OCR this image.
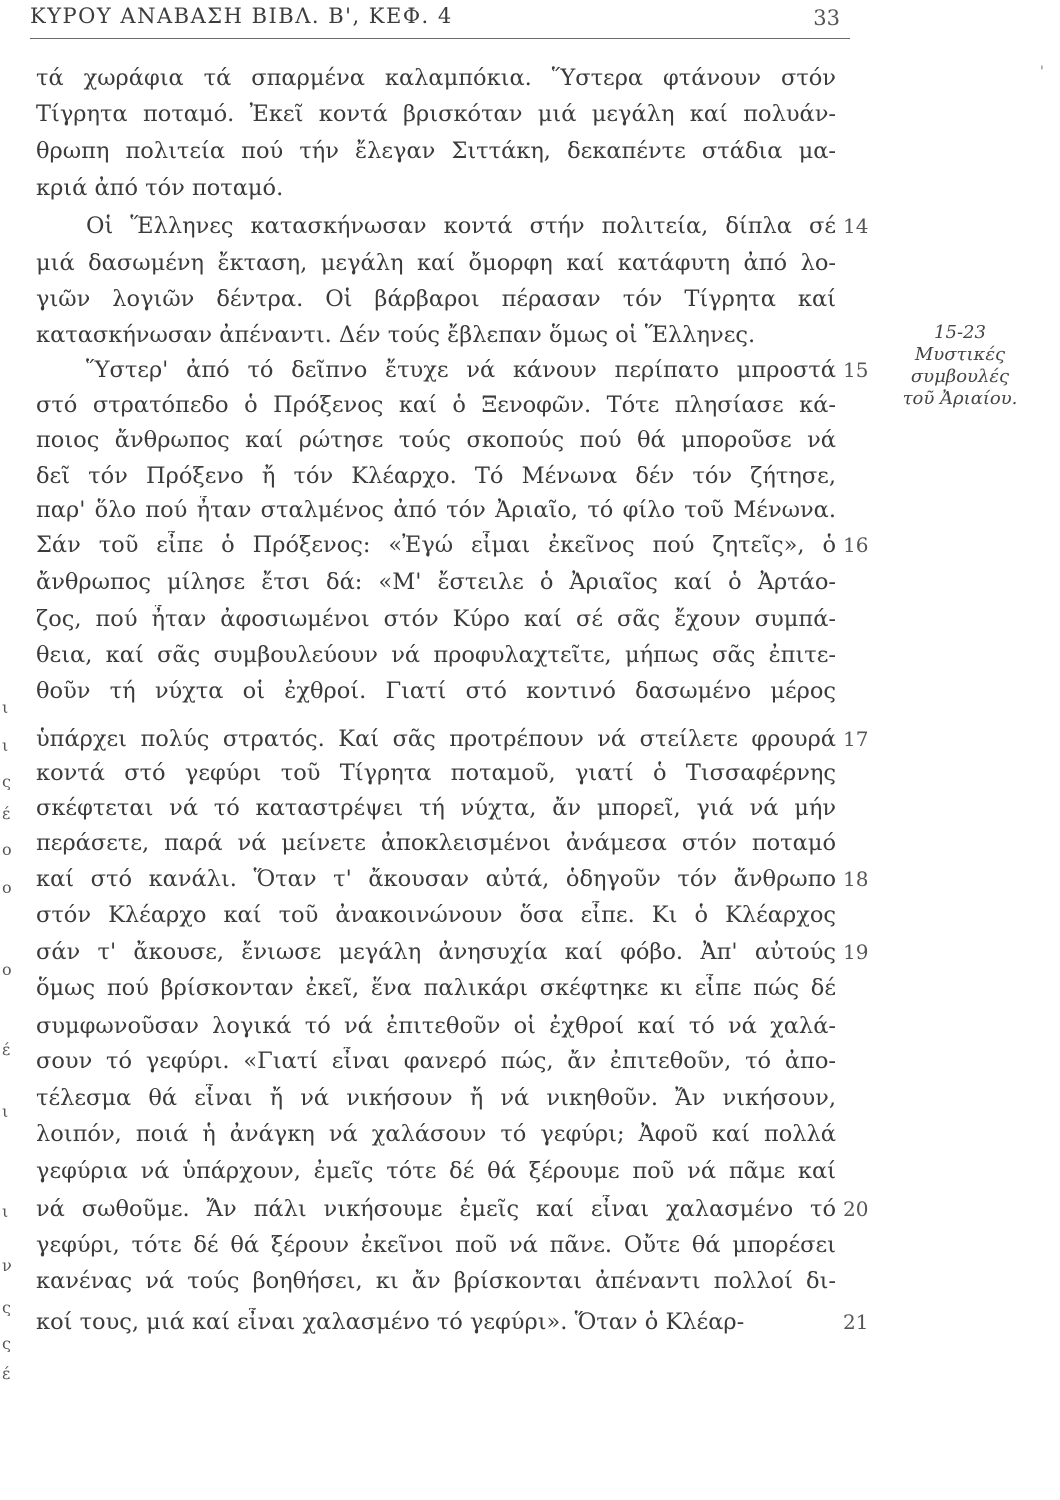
ΚΥΡΟΥ ΑΝΑΒΑΣΗ ΒΙΒΛ. Β', ΚΕΦ. 4	33
'
τά χωράφια τά σπαρμένα καλαμπόκια. Ὕστερα φτάνουν στόν
Τίγρητα ποταμό. Ἐκεῖ κοντά βρισκόταν μιά μεγάλη καί πολυάν-
θρωπη πολιτεία πού τήν ἔλεγαν Σιττάκη, δεκαπέντε στάδια μα-
κριά ἀπό τόν ποταμό.
Οἱ Ἕλληνες κατασκήνωσαν κοντά στήν πολιτεία, δίπλα σέ
μιά δασωμένη ἔκταση, μεγάλη καί ὄμορφη καί κατάφυτη ἀπό λο-
γιῶν λογιῶν δέντρα. Οἱ βάρβαροι πέρασαν τόν Τίγρητα καί
κατασκήνωσαν ἀπέναντι. Δέν τούς ἔβλεπαν ὅμως οἱ Ἕλληνες.
Ὕστερ' ἀπό τό δεῖπνο ἔτυχε νά κάνουν περίπατο μπροστά
στό στρατόπεδο ὁ Πρόξενος καί ὁ Ξενοφῶν. Τότε πλησίασε κά-
ποιος ἄνθρωπος καί ρώτησε τούς σκοπούς πού θά μποροῦσε νά
δεῖ τόν Πρόξενο ἤ τόν Κλέαρχο. Τό Μένωνα δέν τόν ζήτησε,
παρ' ὅλο πού ἦταν σταλμένος ἀπό τόν Ἀριαῖο, τό φίλο τοῦ Μένωνα.
Σάν τοῦ εἶπε ὁ Πρόξενος: «Ἐγώ εἶμαι ἐκεῖνος πού ζητεῖς», ὁ
ἄνθρωπος μίλησε ἔτσι δά: «Μ' ἔστειλε ὁ Ἀριαῖος καί ὁ Ἀρτάο-
ζος, πού ἦταν ἀφοσιωμένοι στόν Κύρο καί σέ σᾶς ἔχουν συμπά-
θεια, καί σᾶς συμβουλεύουν νά προφυλαχτεῖτε, μήπως σᾶς ἐπιτε-
θοῦν τή νύχτα οἱ ἐχθροί. Γιατί στό κοντινό δασωμένο μέρος
ὑπάρχει πολύς στρατός. Καί σᾶς προτρέπουν νά στείλετε φρουρά
κοντά στό γεφύρι τοῦ Τίγρητα ποταμοῦ, γιατί ὁ Τισσαφέρνης
σκέφτεται νά τό καταστρέψει τή νύχτα, ἄν μπορεῖ, γιά νά μήν
περάσετε, παρά νά μείνετε ἀποκλεισμένοι ἀνάμεσα στόν ποταμό
καί στό κανάλι. Ὅταν τ' ἄκουσαν αὐτά, ὁδηγοῦν τόν ἄνθρωπο
στόν Κλέαρχο καί τοῦ ἀνακοινώνουν ὅσα εἶπε. Κι ὁ Κλέαρχος
σάν τ' ἄκουσε, ἔνιωσε μεγάλη ἀνησυχία καί φόβο. Ἀπ' αὐτούς
ὅμως πού βρίσκονταν ἐκεῖ, ἕνα παλικάρι σκέφτηκε κι εἶπε πώς δέ
συμφωνοῦσαν λογικά τό νά ἐπιτεθοῦν οἱ ἐχθροί καί τό νά χαλά-
σουν τό γεφύρι. «Γιατί εἶναι φανερό πώς, ἄν ἐπιτεθοῦν, τό ἀπο-
τέλεσμα θά εἶναι ἤ νά νικήσουν ἤ νά νικηθοῦν. Ἄν νικήσουν,
λοιπόν, ποιά ἡ ἀνάγκη νά χαλάσουν τό γεφύρι; Ἀφοῦ καί πολλά
γεφύρια νά ὑπάρχουν, ἐμεῖς τότε δέ θά ξέρουμε ποῦ νά πᾶμε καί
νά σωθοῦμε. Ἄν πάλι νικήσουμε ἐμεῖς καί εἶναι χαλασμένο τό
γεφύρι, τότε δέ θά ξέρουν ἐκεῖνοι ποῦ νά πᾶνε. Οὔτε θά μπορέσει
κανένας νά τούς βοηθήσει, κι ἄν βρίσκονται ἀπέναντι πολλοί δι-
κοί τους, μιά καί εἶναι χαλασμένο τό γεφύρι». Ὅταν ὁ Κλέαρ-
14
15
16
17
18
19
20
21
15-23
Μυστικές
συμβουλές
τοῦ Ἀριαίου.
ι
ι
ς
έ
ο
ο
ο
έ
ι
ι
ν
ς
ς
έ
